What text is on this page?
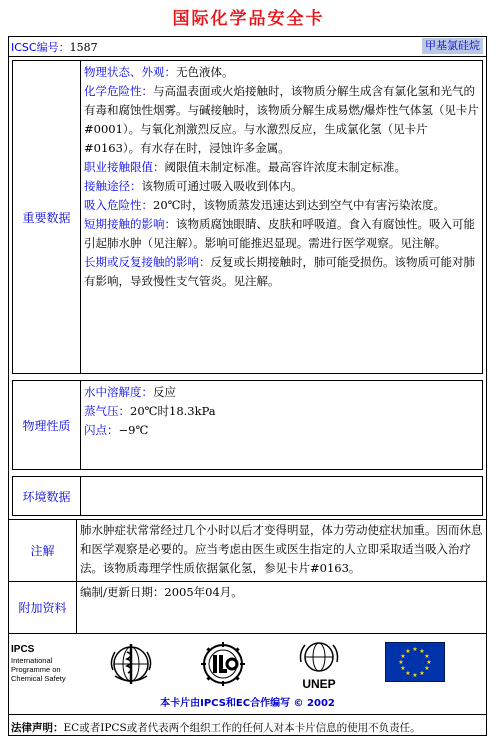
国际化学品安全卡
ICSC编号：1587	甲基氯硅烷
重要数据
物理状态、外观：无色液体。
化学危险性：与高温表面或火焰接触时，该物质分解生成含有氯化氢和光气的有毒和腐蚀性烟雾。与碱接触时，该物质分解生成易燃/爆炸性气体氢（见卡片#0001）。与氧化剂激烈反应。与水激烈反应，生成氯化氢（见卡片#0163）。有水存在时，浸蚀许多金属。
职业接触限值：阈限值未制定标准。最高容许浓度未制定标准。
接触途径：该物质可通过吸入吸收到体内。
吸入危险性：20℃时，该物质蒸发迅速达到达到空气中有害污染浓度。
短期接触的影响：该物质腐蚀眼睛、皮肤和呼吸道。食入有腐蚀性。吸入可能引起肺水肿（见注解）。影响可能推迟显现。需进行医学观察。见注解。
长期或反复接触的影响：反复或长期接触时，肺可能受损伤。该物质可能对肺有影响，导致慢性支气管炎。见注解。
物理性质
水中溶解度：反应
蒸气压：20℃时18.3kPa
闪点：−9℃
环境数据
注解
肺水肿症状常常经过几个小时以后才变得明显，体力劳动使症状加重。因而休息和医学观察是必要的。应当考虑由医生或医生指定的人立即采取适当吸入治疗法。该物质毒理学性质依据氯化氢，参见卡片#0163。
附加资料
编制/更新日期：2005年04月。
IPCS
International
Programme on
Chemical Safety	UNEP
★ ★
★
★
★
★
★
★
★
★
★
★
本卡片由IPCS和EC合作编写 © 2002
法律声明：EC或者IPCS或者代表两个组织工作的任何人对本卡片信息的使用不负责任。
